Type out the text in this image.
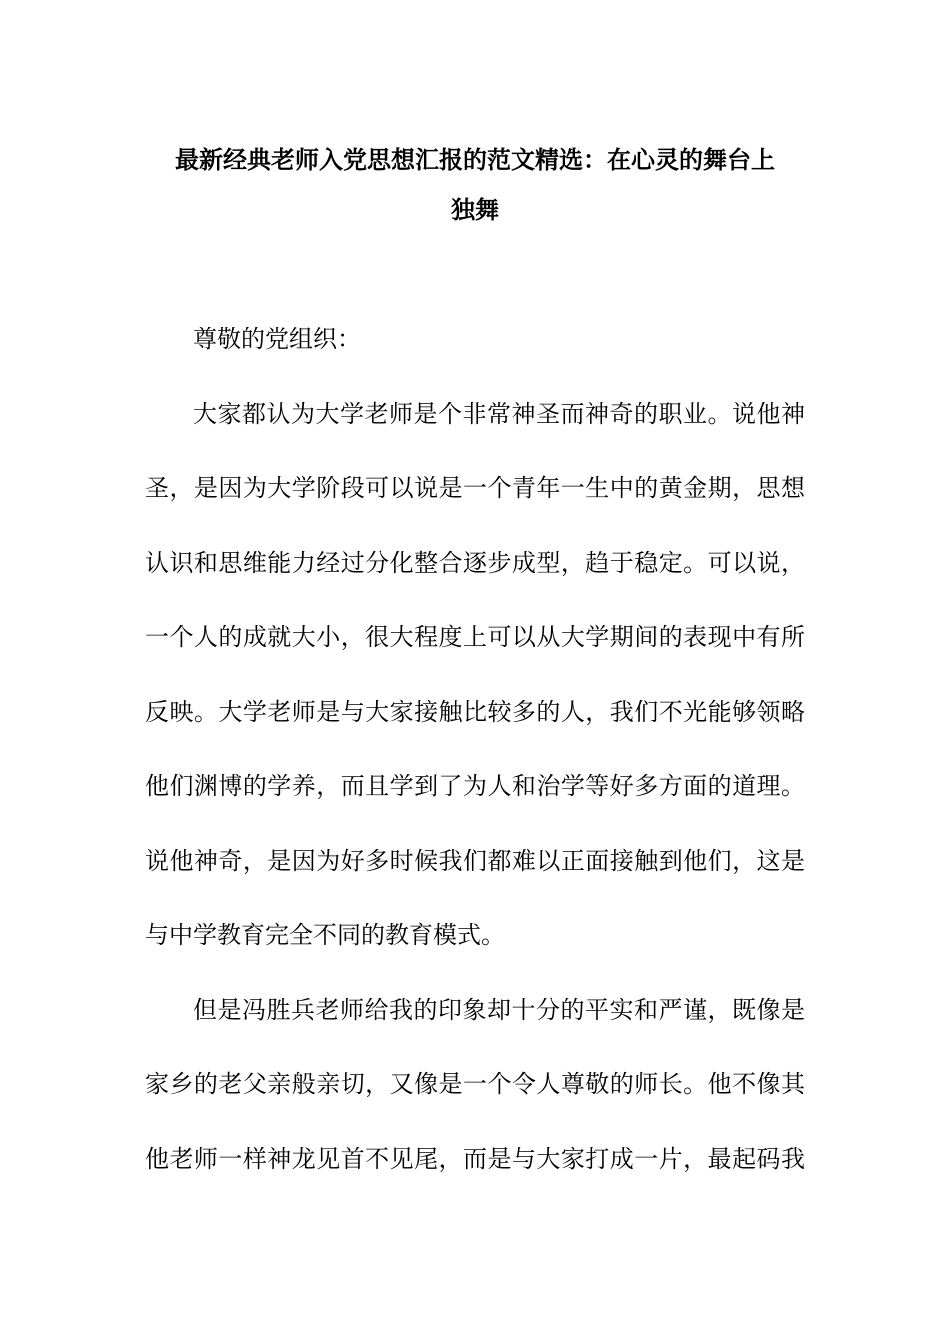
最新经典老师入党思想汇报的范文精选：在心灵的舞台上
独舞
尊敬的党组织：
大家都认为大学老师是个非常神圣而神奇的职业。说他神
圣，是因为大学阶段可以说是一个青年一生中的黄金期，思想
认识和思维能力经过分化整合逐步成型，趋于稳定。可以说，
一个人的成就大小，很大程度上可以从大学期间的表现中有所
反映。大学老师是与大家接触比较多的人，我们不光能够领略
他们渊博的学养，而且学到了为人和治学等好多方面的道理。
说他神奇，是因为好多时候我们都难以正面接触到他们，这是
与中学教育完全不同的教育模式。
但是冯胜兵老师给我的印象却十分的平实和严谨，既像是
家乡的老父亲般亲切，又像是一个令人尊敬的师长。他不像其
他老师一样神龙见首不见尾，而是与大家打成一片，最起码我
